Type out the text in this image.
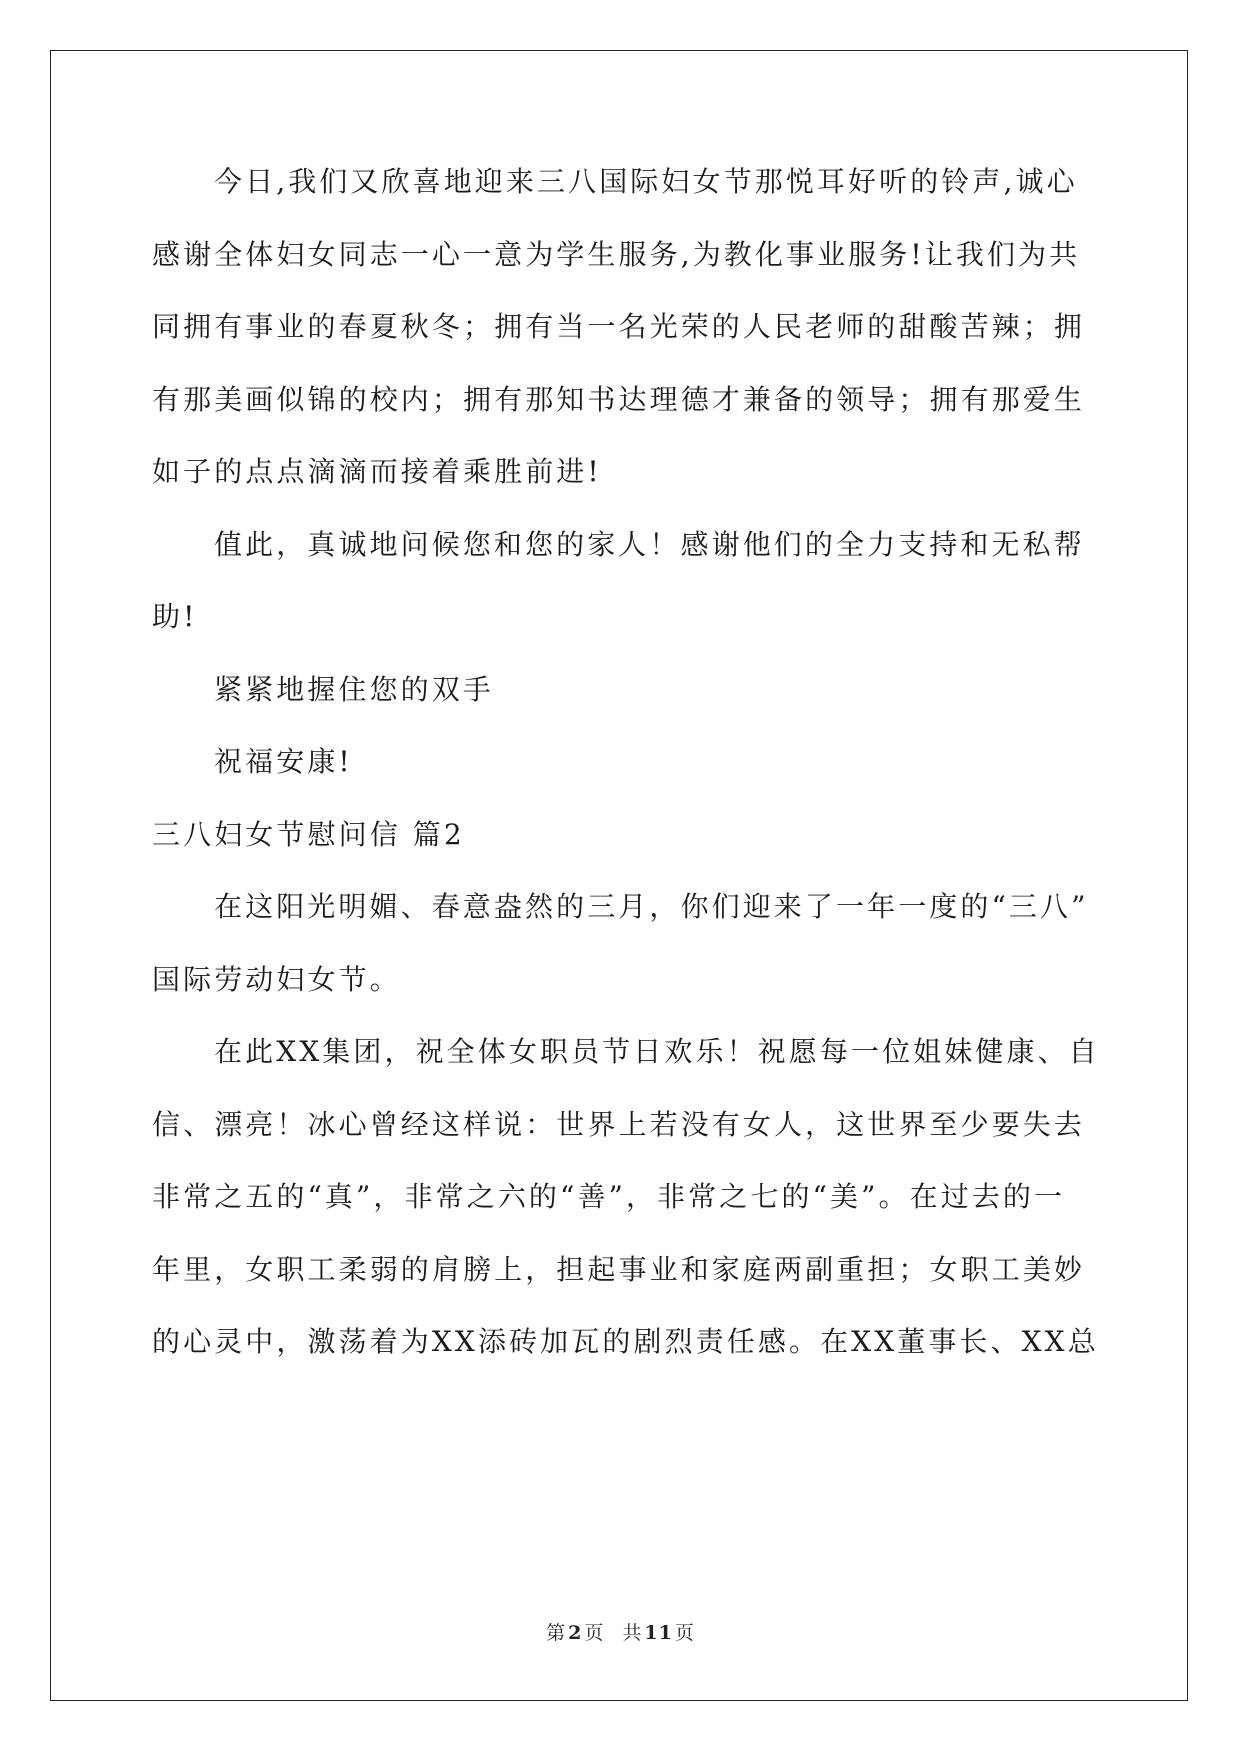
今日,我们又欣喜地迎来三八国际妇女节那悦耳好听的铃声,诚心
感谢全体妇女同志一心一意为学生服务,为教化事业服务!让我们为共
同拥有事业的春夏秋冬；拥有当一名光荣的人民老师的甜酸苦辣；拥
有那美画似锦的校内；拥有那知书达理德才兼备的领导；拥有那爱生
如子的点点滴滴而接着乘胜前进!
值此，真诚地问候您和您的家人！感谢他们的全力支持和无私帮
助!
紧紧地握住您的双手
祝福安康!
三八妇女节慰问信 篇2
在这阳光明媚、春意盎然的三月，你们迎来了一年一度的“三八”
国际劳动妇女节。
在此XX集团，祝全体女职员节日欢乐！祝愿每一位姐妹健康、自
信、漂亮！冰心曾经这样说：世界上若没有女人，这世界至少要失去
非常之五的“真”，非常之六的“善”，非常之七的“美”。在过去的一
年里，女职工柔弱的肩膀上，担起事业和家庭两副重担；女职工美妙
的心灵中，激荡着为XX添砖加瓦的剧烈责任感。在XX董事长、XX总
第 2 页 共 11 页
